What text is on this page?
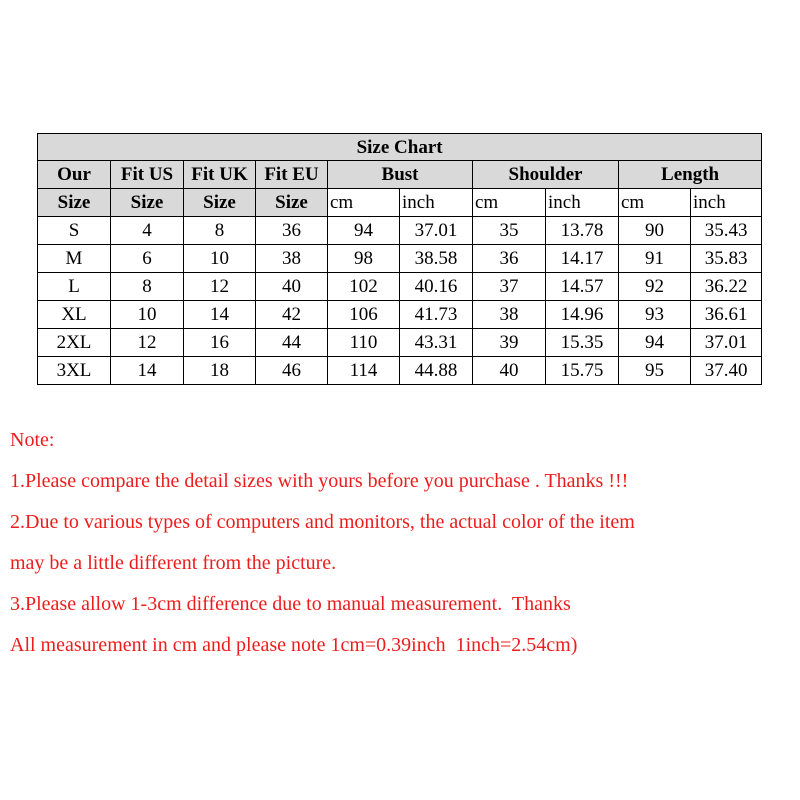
Size Chart									
Our	Fit US	Fit UK	Fit EU	Bust		Shoulder		Length	
Size	Size	Size	Size	cm	inch	cm	inch	cm	inch
S	4	8	36	94	37.01	35	13.78	90	35.43
M	6	10	38	98	38.58	36	14.17	91	35.83
L	8	12	40	102	40.16	37	14.57	92	36.22
XL	10	14	42	106	41.73	38	14.96	93	36.61
2XL	12	16	44	110	43.31	39	15.35	94	37.01
3XL	14	18	46	114	44.88	40	15.75	95	37.40
Note:
1.Please compare the detail sizes with yours before you purchase . Thanks !!!
2.Due to various types of computers and monitors, the actual color of the item
may be a little different from the picture.
3.Please allow 1-3cm difference due to manual measurement.  Thanks
All measurement in cm and please note 1cm=0.39inch  1inch=2.54cm)
